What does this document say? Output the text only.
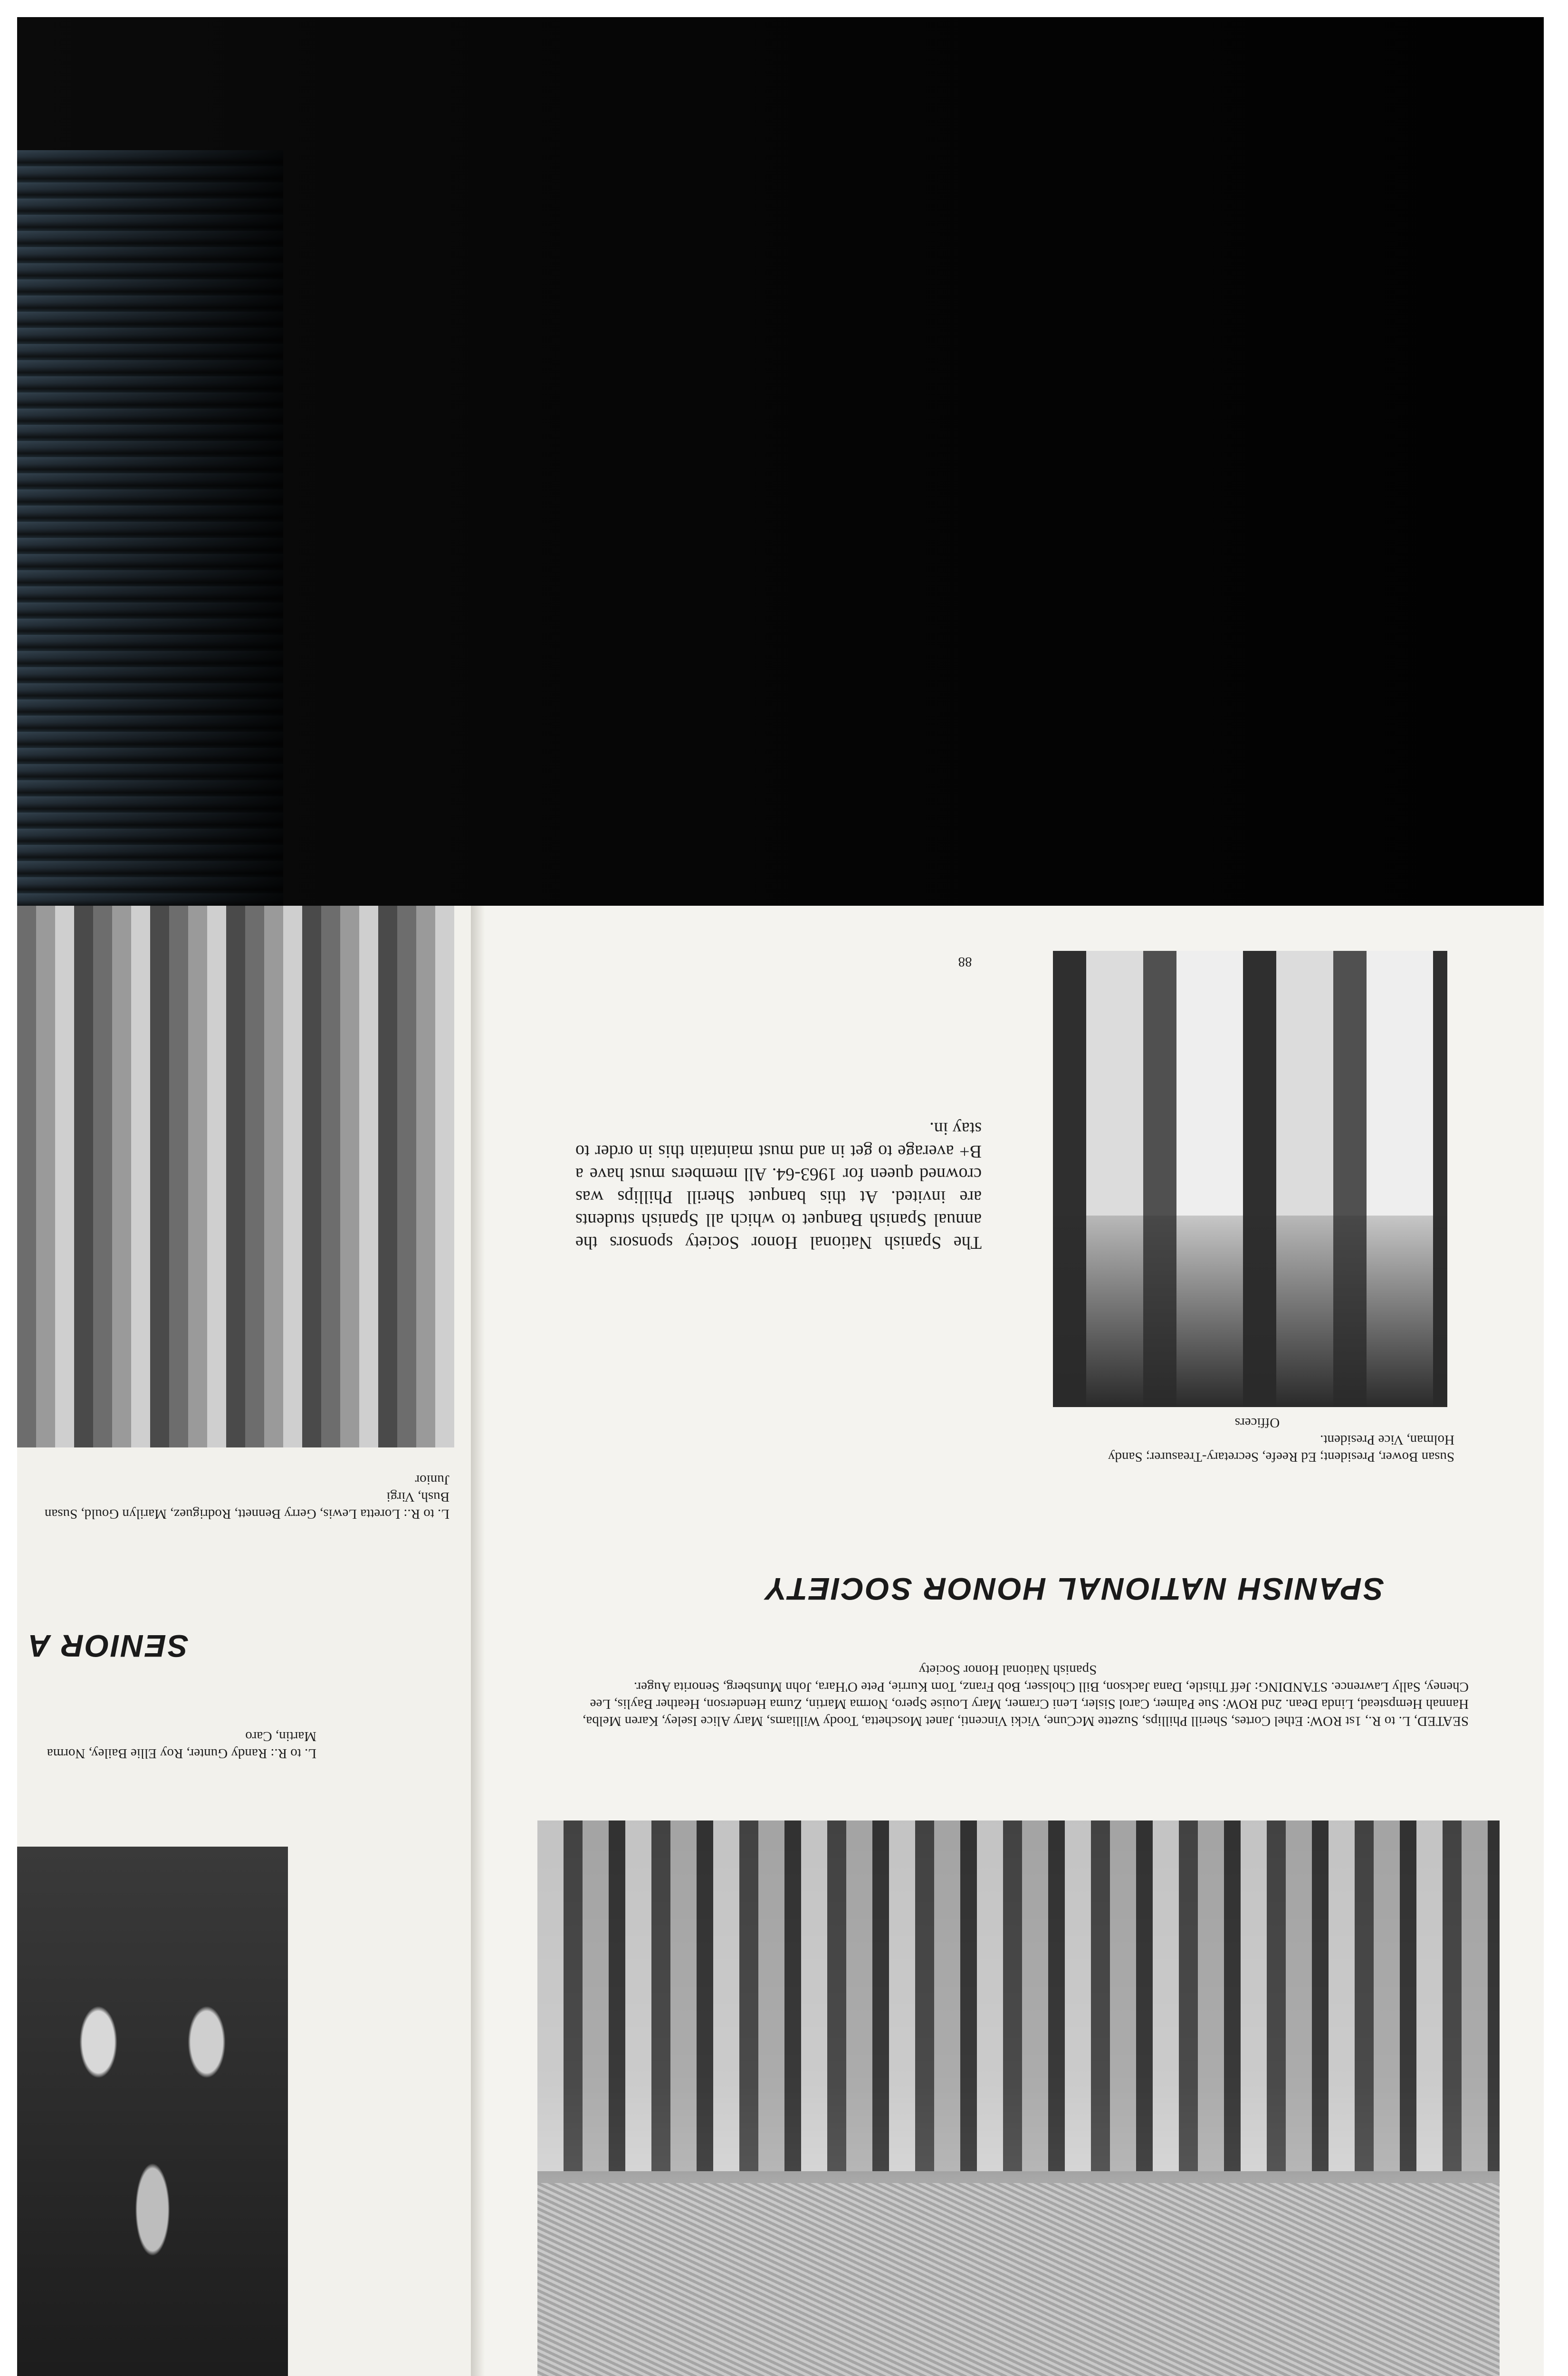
L. to R.: Loretta Lewis, Gerry Bennett, Rodriguez, Marilyn Gould, Susan Bush, Virgi
Junior
SENIOR A
L. to R.: Randy Gunter, Roy Ellie Bailey, Norma Martin, Caro
88
The Spanish National Honor Society sponsors the annual Spanish Banquet to which all Spanish students are invited. At this banquet Sherill Phillips was crowned queen for 1963-64. All members must have a B+ average to get in and must maintain this in order to stay in.
Susan Bower, President; Ed Reefe, Secretary-Treasurer; Sandy Holman, Vice President.
Officers
SPANISH NATIONAL HONOR SOCIETY
SEATED, L. to R., 1st ROW: Ethel Cortes, Sherill Phillips, Suzette McCune, Vicki Vincenti, Janet Moschetta, Toody Williams, Mary Alice Iseley, Karen Melba, Hannah Hempstead, Linda Dean. 2nd ROW: Sue Palmer, Carol Sisler, Leni Cramer, Mary Louise Spero, Norma Martin, Zuma Henderson, Heather Baylis, Lee Cheney, Sally Lawrence. STANDING: Jeff Thistle, Dana Jackson, Bill Cholsser, Bob Franz, Tom Kurrie, Pete O'Hara, John Munsberg, Senorita Auger.
Spanish National Honor Society
